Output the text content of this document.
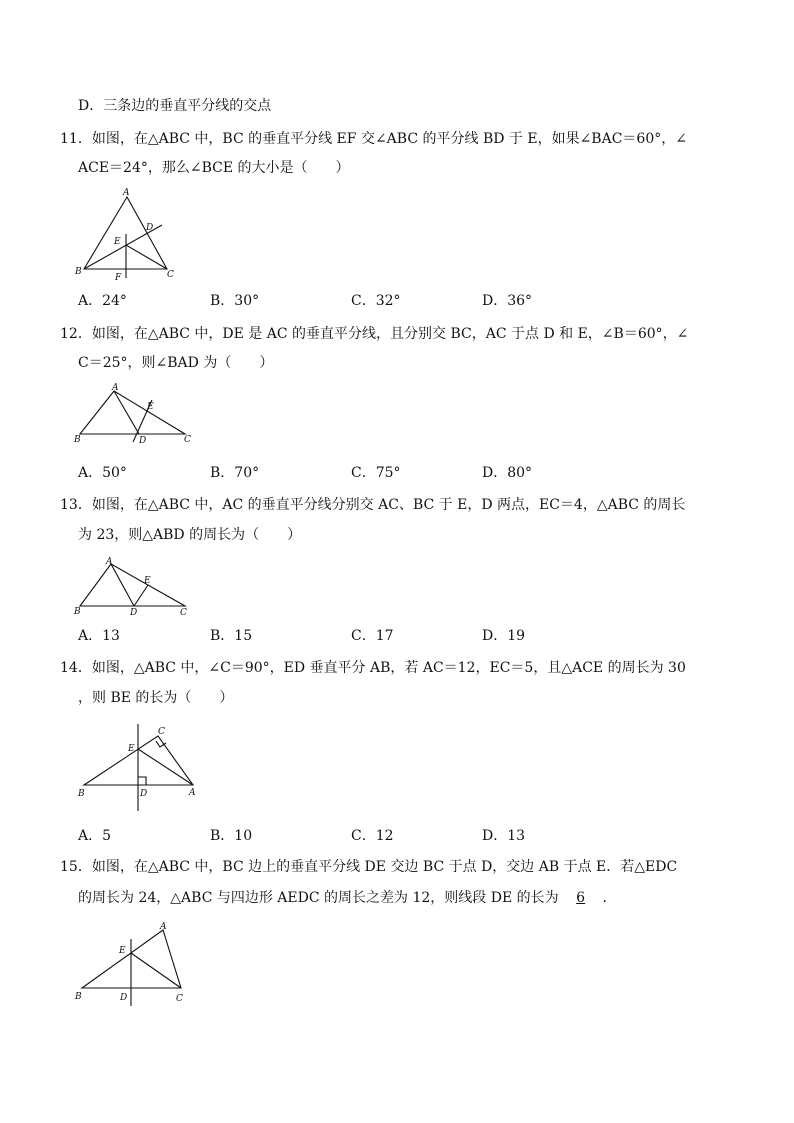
D．三条边的垂直平分线的交点
11．如图，在△ABC 中，BC 的垂直平分线 EF 交∠ABC 的平分线 BD 于 E，如果∠BAC＝60°，∠
ACE＝24°，那么∠BCE 的大小是（　　）
A
D
E
B
F	C
A．24°	B．30°	C．32°	D．36°
12．如图，在△ABC 中，DE 是 AC 的垂直平分线，且分别交 BC，AC 于点 D 和 E，∠B＝60°，∠
C＝25°，则∠BAD 为（　　）
A
E
B	D	C
A．50°	B．70°	C．75°	D．80°
13．如图，在△ABC 中，AC 的垂直平分线分别交 AC、BC 于 E，D 两点，EC＝4，△ABC 的周长
为 23，则△ABD 的周长为（　　）
A
E
B	D	C
A．13	B．15	C．17	D．19
14．如图，△ABC 中，∠C＝90°，ED 垂直平分 AB，若 AC＝12，EC＝5，且△ACE 的周长为 30
，则 BE 的长为（　　）
C
E
B	D	A
A．5	B．10	C．12	D．13
15．如图，在△ABC 中，BC 边上的垂直平分线 DE 交边 BC 于点 D，交边 AB 于点 E．若△EDC
的周长为 24，△ABC 与四边形 AEDC 的周长之差为 12，则线段 DE 的长为 6 ．
A
E
B	D	C
